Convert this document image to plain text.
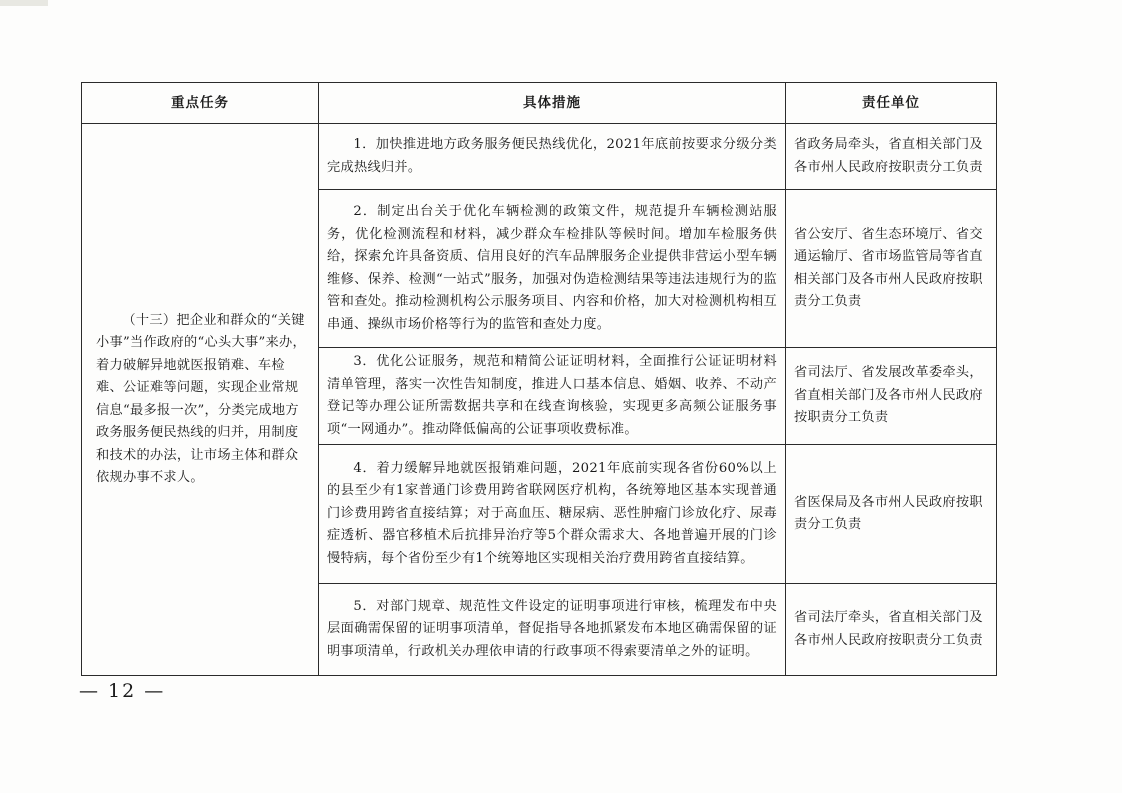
重点任务	具体措施	责任单位

（十三）把企业和群众的“关键小事”当作政府的“心头大事”来办，着力破解异地就医报销难、车检难、公证难等问题，实现企业常规信息“最多报一次”，分类完成地方政务服务便民热线的归并，用制度和技术的办法，让市场主体和群众依规办事不求人。	1．加快推进地方政务服务便民热线优化，2021年底前按要求分级分类完成热线归并。	省政务局牵头，省直相关部门及各市州人民政府按职责分工负责

	2．制定出台关于优化车辆检测的政策文件，规范提升车辆检测站服务，优化检测流程和材料，减少群众车检排队等候时间。增加车检服务供给，探索允许具备资质、信用良好的汽车品牌服务企业提供非营运小型车辆维修、保养、检测“一站式”服务，加强对伪造检测结果等违法违规行为的监管和查处。推动检测机构公示服务项目、内容和价格，加大对检测机构相互串通、操纵市场价格等行为的监管和查处力度。	省公安厅、省生态环境厅、省交通运输厅、省市场监管局等省直相关部门及各市州人民政府按职责分工负责

	3．优化公证服务，规范和精简公证证明材料，全面推行公证证明材料清单管理，落实一次性告知制度，推进人口基本信息、婚姻、收养、不动产登记等办理公证所需数据共享和在线查询核验，实现更多高频公证服务事项“一网通办”。推动降低偏高的公证事项收费标准。	省司法厅、省发展改革委牵头，省直相关部门及各市州人民政府按职责分工负责

	4．着力缓解异地就医报销难问题，2021年底前实现各省份60%以上的县至少有1家普通门诊费用跨省联网医疗机构，各统筹地区基本实现普通门诊费用跨省直接结算；对于高血压、糖尿病、恶性肿瘤门诊放化疗、尿毒症透析、器官移植术后抗排异治疗等5个群众需求大、各地普遍开展的门诊慢特病，每个省份至少有1个统筹地区实现相关治疗费用跨省直接结算。	省医保局及各市州人民政府按职责分工负责

	5．对部门规章、规范性文件设定的证明事项进行审核，梳理发布中央层面确需保留的证明事项清单，督促指导各地抓紧发布本地区确需保留的证明事项清单，行政机关办理依申请的行政事项不得索要清单之外的证明。	省司法厅牵头，省直相关部门及各市州人民政府按职责分工负责
— 12 —
